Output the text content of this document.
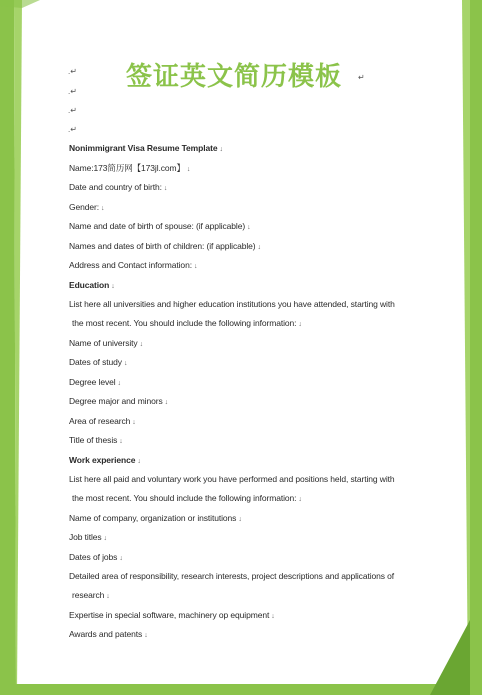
签证英文简历模板 ↵
.↵
.↵
.↵
.↵
Nonimmigrant Visa Resume Template ↓
Name:173简历网【173jl.com】 ↓
Date and country of birth: ↓
Gender: ↓
Name and date of birth of spouse: (if applicable) ↓
Names and dates of birth of children: (if applicable) ↓
Address and Contact information: ↓
Education ↓
List here all universities and higher education institutions you have attended, starting with
the most recent. You should include the following information: ↓
Name of university ↓
Dates of study ↓
Degree level ↓
Degree major and minors ↓
Area of research ↓
Title of thesis ↓
Work experience ↓
List here all paid and voluntary work you have performed and positions held, starting with
the most recent. You should include the following information: ↓
Name of company, organization or institutions ↓
Job titles ↓
Dates of jobs ↓
Detailed area of responsibility, research interests, project descriptions and applications of
research ↓
Expertise in special software, machinery op equipment ↓
Awards and patents ↓
